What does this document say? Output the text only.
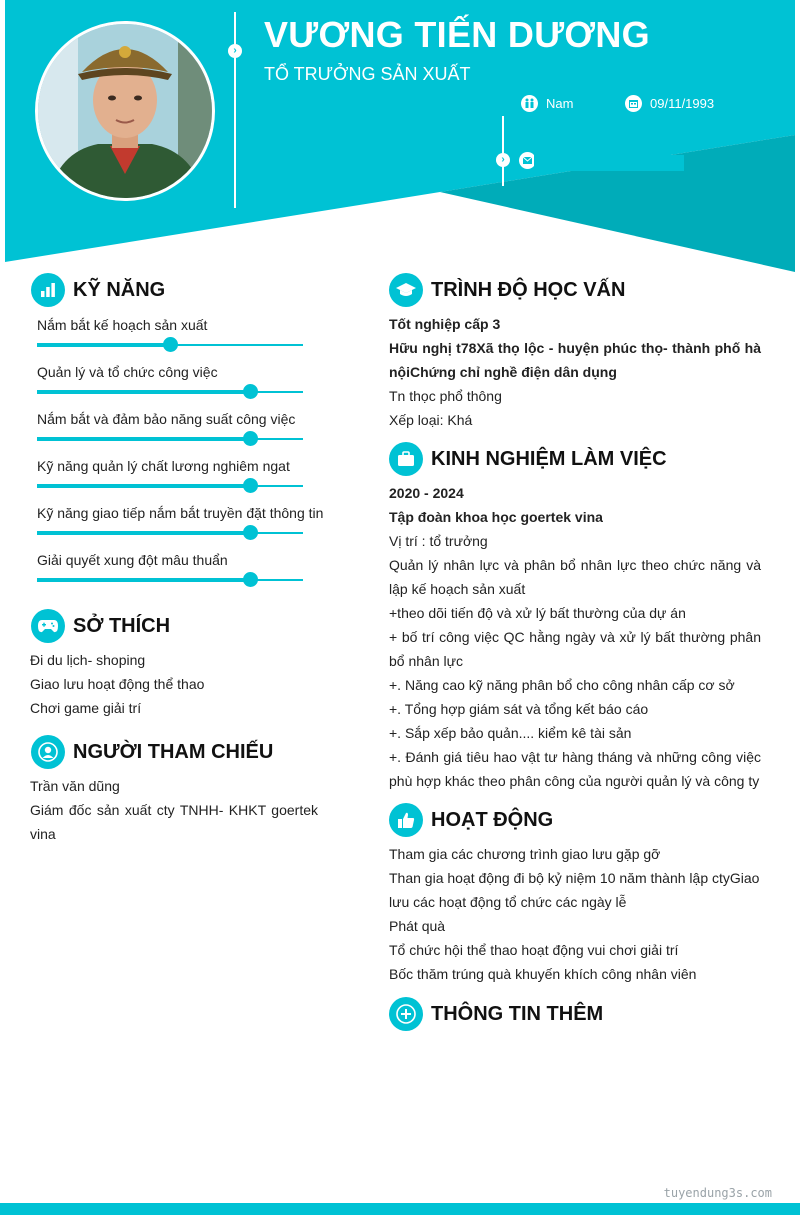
› VƯƠNG TIẾN DƯƠNG
TỔ TRƯỞNG SẢN XUẤT
Nam	09/11/1993
›
KỸ NĂNG
Nắm bắt kế hoạch sản xuất
Quản lý và tổ chức công việc
Nắm bắt và đảm bảo năng suất công việc
Kỹ năng quản lý chất lương nghiêm ngat
Kỹ năng giao tiếp nắm bắt truyền đặt thông tin
Giải quyết xung đột mâu thuẩn
SỞ THÍCH

Đi du lịch- shoping

Giao lưu hoạt động thể thao

Chơi game giải trí

NGƯỜI THAM CHIẾU

Trần văn dũng

Giám đốc sản xuất cty TNHH- KHKT goertek vina

TRÌNH ĐỘ HỌC VẤN

Tốt nghiệp cấp 3

Hữu nghị t78Xã thọ lộc - huyện phúc thọ- thành phố hà nộiChứng chỉ nghề điện dân dụng

Tn thọc phổ thông

Xếp loại: Khá

KINH NGHIỆM LÀM VIỆC

2020 - 2024

Tập đoàn khoa học goertek vina

Vị trí : tổ trưởng

Quản lý nhân lực và phân bổ nhân lực theo chức năng và lập kế hoạch sản xuất

+theo dõi tiến độ và xử lý bất thường của dự án

+ bố trí công việc QC hằng ngày và xử lý bất thường phân bổ nhân lực

+. Năng cao kỹ năng phân bổ cho công nhân cấp cơ sở

+. Tổng hợp giám sát và tổng kết báo cáo

+. Sắp xếp bảo quản.... kiểm kê tài sản

+. Đánh giá tiêu hao vật tư hàng tháng và những công việc phù hợp khác theo phân công của người quản lý và công ty

HOẠT ĐỘNG

Tham gia các chương trình giao lưu gặp gỡ

Than gia hoạt động đi bộ kỷ niệm 10 năm thành lập ctyGiao lưu các hoạt động tổ chức các ngày lễ

Phát quà

Tổ chức hội thể thao hoạt động vui chơi giải trí

Bốc thăm trúng quà khuyến khích công nhân viên

THÔNG TIN THÊM
tuyendung3s.com
